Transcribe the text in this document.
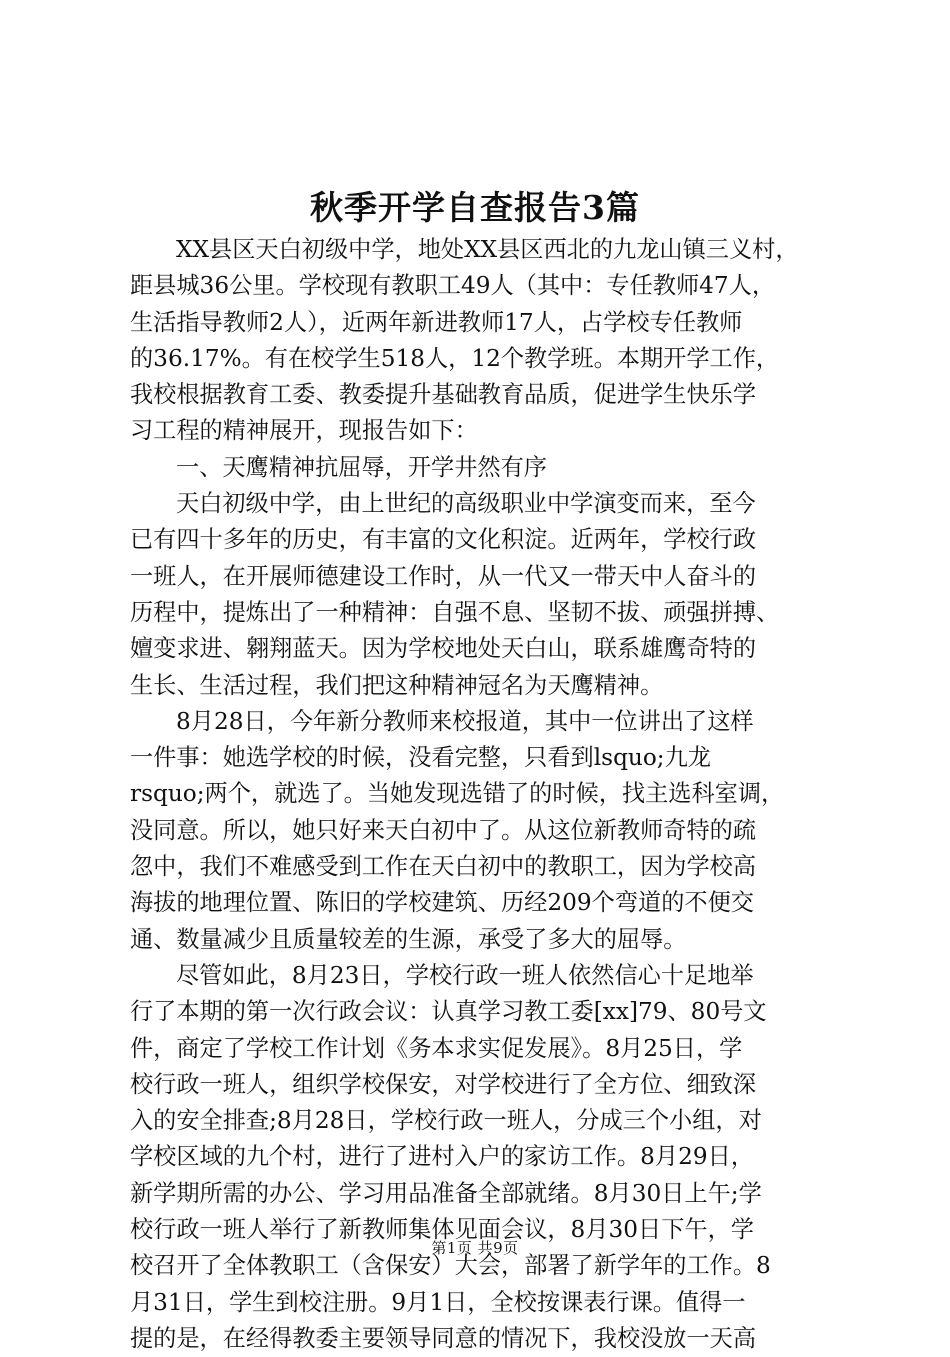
秋季开学自查报告3篇
XX县区天白初级中学，地处XX县区西北的九龙山镇三义村，
距县城36公里。学校现有教职工49人（其中：专任教师47人，
生活指导教师2人），近两年新进教师17人，占学校专任教师
的36.17%。有在校学生518人，12个教学班。本期开学工作，
我校根据教育工委、教委提升基础教育品质，促进学生快乐学
习工程的精神展开，现报告如下：
一、天鹰精神抗屈辱，开学井然有序
天白初级中学，由上世纪的高级职业中学演变而来，至今
已有四十多年的历史，有丰富的文化积淀。近两年，学校行政
一班人，在开展师德建设工作时，从一代又一带天中人奋斗的
历程中，提炼出了一种精神：自强不息、坚韧不拔、顽强拼搏、
嬗变求进、翱翔蓝天。因为学校地处天白山，联系雄鹰奇特的
生长、生活过程，我们把这种精神冠名为天鹰精神。
8月28日，今年新分教师来校报道，其中一位讲出了这样
一件事：她选学校的时候，没看完整，只看到lsquo;九龙
rsquo;两个，就选了。当她发现选错了的时候，找主选科室调，
没同意。所以，她只好来天白初中了。从这位新教师奇特的疏
忽中，我们不难感受到工作在天白初中的教职工，因为学校高
海拔的地理位置、陈旧的学校建筑、历经209个弯道的不便交
通、数量减少且质量较差的生源，承受了多大的屈辱。
尽管如此，8月23日，学校行政一班人依然信心十足地举
行了本期的第一次行政会议：认真学习教工委[xx]79、80号文
件，商定了学校工作计划《务本求实促发展》。8月25日，学
校行政一班人，组织学校保安，对学校进行了全方位、细致深
入的安全排查;8月28日，学校行政一班人，分成三个小组，对
学校区域的九个村，进行了进村入户的家访工作。8月29日，
新学期所需的办公、学习用品准备全部就绪。8月30日上午;学
校行政一班人举行了新教师集体见面会议，8月30日下午，学
校召开了全体教职工（含保安）大会，部署了新学年的工作。8
月31日，学生到校注册。9月1日，全校按课表行课。值得一
提的是，在经得教委主要领导同意的情况下，我校没放一天高
第1页 共9页
